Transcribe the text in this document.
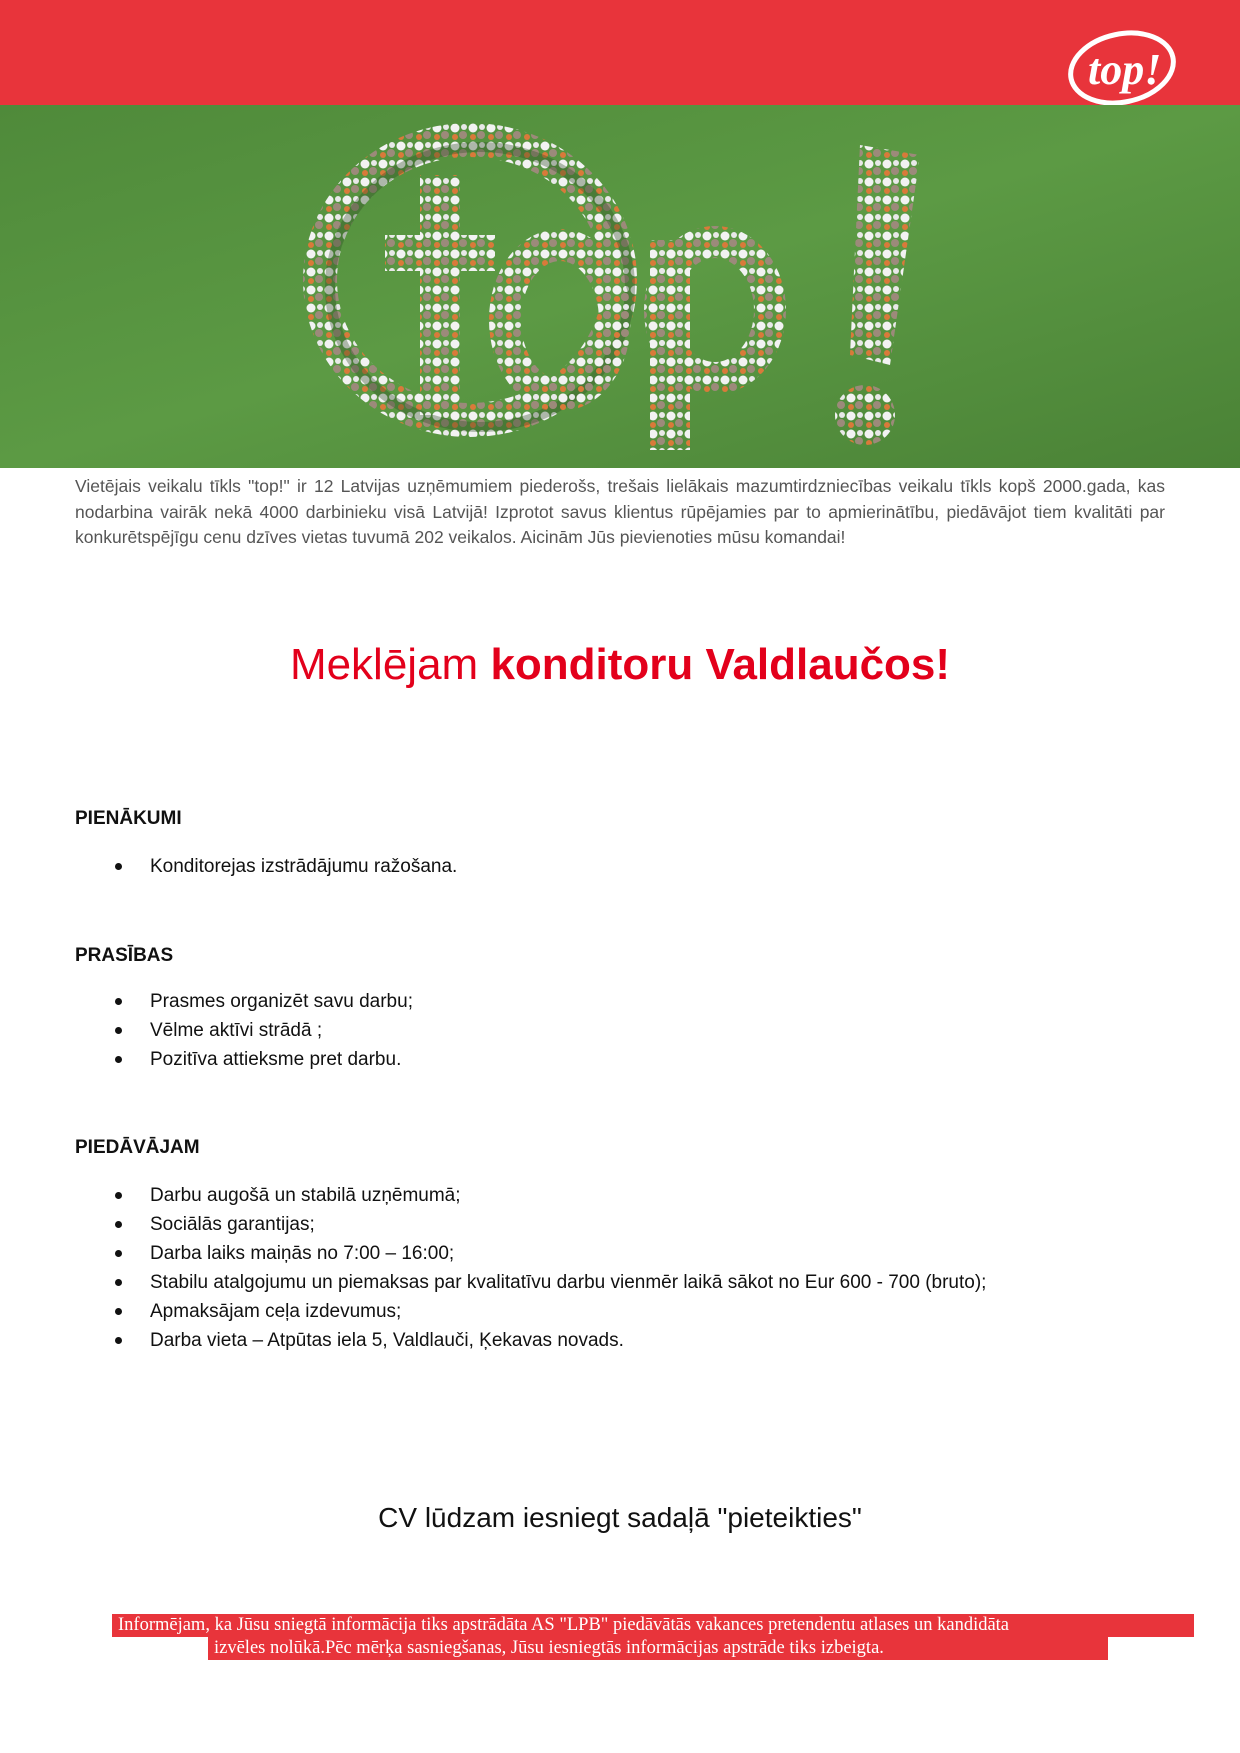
top!
Vietējais veikalu tīkls "top!" ir 12 Latvijas uzņēmumiem piederošs, trešais lielākais mazumtirdzniecības veikalu tīkls kopš 2000.gada, kas nodarbina vairāk nekā 4000 darbinieku visā Latvijā! Izprotot savus klientus rūpējamies par to apmierinātību, piedāvājot tiem kvalitāti par konkurētspējīgu cenu dzīves vietas tuvumā 202 veikalos. Aicinām Jūs pievienoties mūsu komandai!
Meklējam konditoru Valdlaučos!
PIENĀKUMI
Konditorejas izstrādājumu ražošana.
PRASĪBAS
Prasmes organizēt savu darbu;
Vēlme aktīvi strādā ;
Pozitīva attieksme pret darbu.
PIEDĀVĀJAM
Darbu augošā un stabilā uzņēmumā;
Sociālās garantijas;
Darba laiks maiņās no 7:00 – 16:00;
Stabilu atalgojumu un piemaksas par kvalitatīvu darbu vienmēr laikā sākot no Eur 600 - 700 (bruto);
Apmaksājam ceļa izdevumus;
Darba vieta – Atpūtas iela 5, Valdlauči, Ķekavas novads.
CV lūdzam iesniegt sadaļā "pieteikties"
Informējam, ka Jūsu sniegtā informācija tiks apstrādāta AS "LPB" piedāvātās vakances pretendentu atlases un kandidāta
izvēles nolūkā.Pēc mērķa sasniegšanas, Jūsu iesniegtās informācijas apstrāde tiks izbeigta.
